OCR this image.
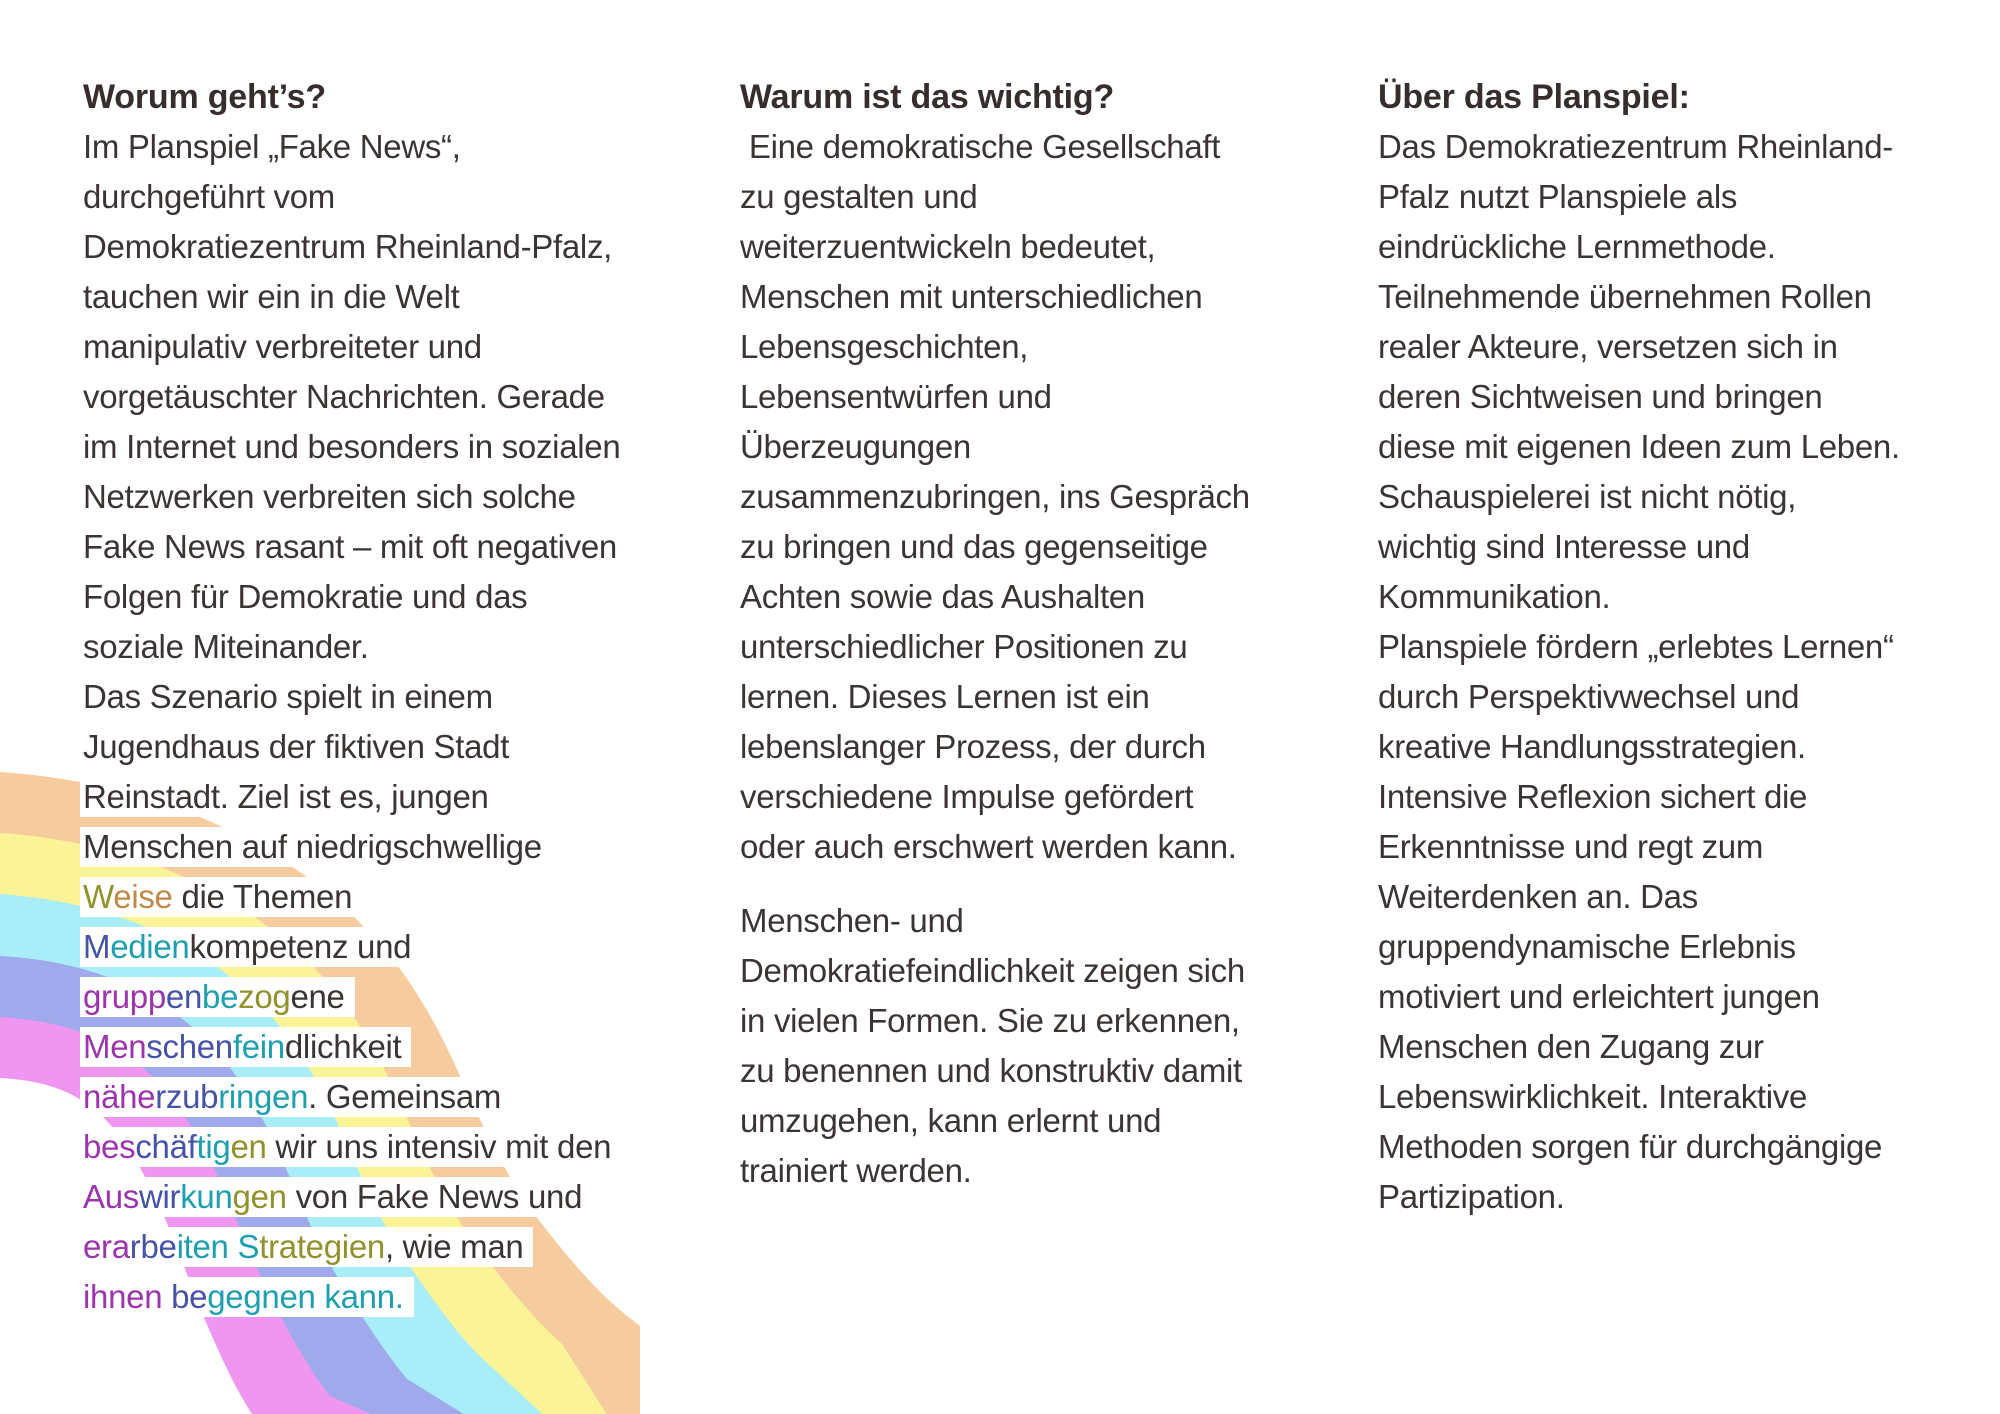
Worum geht’s?
Im Planspiel „Fake News“,
durchgeführt vom
Demokratiezentrum Rheinland-Pfalz,
tauchen wir ein in die Welt
manipulativ verbreiteter und
vorgetäuschter Nachrichten. Gerade
im Internet und besonders in sozialen
Netzwerken verbreiten sich solche
Fake News rasant – mit oft negativen
Folgen für Demokratie und das
soziale Miteinander.
Das Szenario spielt in einem
Jugendhaus der fiktiven Stadt
Reinstadt. Ziel ist es, jungen
Menschen auf niedrigschwellige
Weise die Themen
Medienkompetenz und
gruppenbezogene
Menschenfeindlichkeit
näherzubringen. Gemeinsam
beschäftigen wir uns intensiv mit den
Auswirkungen von Fake News und
erarbeiten Strategien, wie man
ihnen begegnen kann.
Warum ist das wichtig?
Eine demokratische Gesellschaft
zu gestalten und
weiterzuentwickeln bedeutet,
Menschen mit unterschiedlichen
Lebensgeschichten,
Lebensentwürfen und
Überzeugungen
zusammenzubringen, ins Gespräch
zu bringen und das gegenseitige
Achten sowie das Aushalten
unterschiedlicher Positionen zu
lernen. Dieses Lernen ist ein
lebenslanger Prozess, der durch
verschiedene Impulse gefördert
oder auch erschwert werden kann.
Menschen- und
Demokratiefeindlichkeit zeigen sich
in vielen Formen. Sie zu erkennen,
zu benennen und konstruktiv damit
umzugehen, kann erlernt und
trainiert werden.
Über das Planspiel:
Das Demokratiezentrum Rheinland-
Pfalz nutzt Planspiele als
eindrückliche Lernmethode.
Teilnehmende übernehmen Rollen
realer Akteure, versetzen sich in
deren Sichtweisen und bringen
diese mit eigenen Ideen zum Leben.
Schauspielerei ist nicht nötig,
wichtig sind Interesse und
Kommunikation.
Planspiele fördern „erlebtes Lernen“
durch Perspektivwechsel und
kreative Handlungsstrategien.
Intensive Reflexion sichert die
Erkenntnisse und regt zum
Weiterdenken an. Das
gruppendynamische Erlebnis
motiviert und erleichtert jungen
Menschen den Zugang zur
Lebenswirklichkeit. Interaktive
Methoden sorgen für durchgängige
Partizipation.
